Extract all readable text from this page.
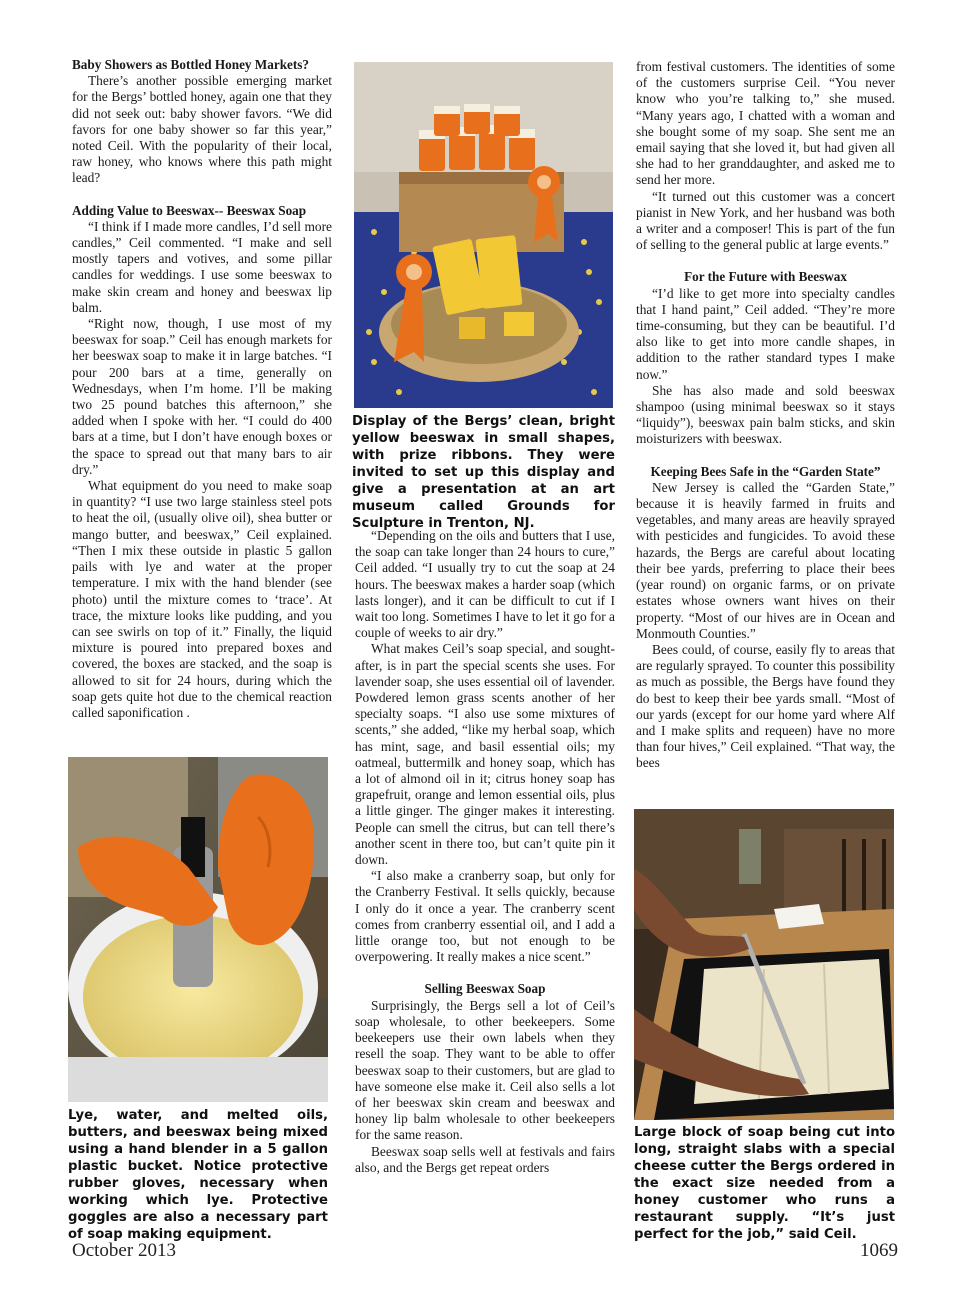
Baby Showers as Bottled Honey Markets?

There’s another possible emerging market for the Bergs’ bottled honey, again one that they did not seek out: baby shower favors. “We did favors for one baby shower so far this year,” noted Ceil. With the popularity of their local, raw honey, who knows where this path might lead?

Adding Value to Beeswax-- Beeswax Soap

“I think if I made more candles, I’d sell more candles,” Ceil commented. “I make and sell mostly tapers and votives, and some pillar candles for weddings. I use some beeswax to make skin cream and honey and beeswax lip balm.

“Right now, though, I use most of my beeswax for soap.” Ceil has enough markets for her beeswax soap to make it in large batches. “I pour 200 bars at a time, generally on Wednesdays, when I’m home. I’ll be making two 25 pound batches this afternoon,” she added when I spoke with her. “I could do 400 bars at a time, but I don’t have enough boxes or the space to spread out that many bars to air dry.”

What equipment do you need to make soap in quantity? “I use two large stainless steel pots to heat the oil, (usually olive oil), shea butter or mango butter, and beeswax,” Ceil explained. “Then I mix these outside in plastic 5 gallon pails with lye and water at the proper temperature. I mix with the hand blender (see photo) until the mixture comes to ‘trace’. At trace, the mixture looks like pudding, and you can see swirls on top of it.” Finally, the liquid mixture is poured into prepared boxes and covered, the boxes are stacked, and the soap is allowed to sit for 24 hours, during which the soap gets quite hot due to the chemical reaction called saponification .

Lye, water, and melted oils, butters, and beeswax being mixed using a hand blender in a 5 gallon plastic bucket. Notice protective rubber gloves, necessary when working which lye. Protective goggles are also a necessary part of soap making equipment.
Display of the Bergs’ clean, bright yellow beeswax in small shapes, with prize ribbons. They were invited to set up this display and give a presentation at an art museum called Grounds for Sculpture in Trenton, NJ.

“Depending on the oils and butters that I use, the soap can take longer than 24 hours to cure,” Ceil added. “I usually try to cut the soap at 24 hours. The beeswax makes a harder soap (which lasts longer), and it can be difficult to cut if I wait too long. Sometimes I have to let it go for a couple of weeks to air dry.”

What makes Ceil’s soap special, and sought-after, is in part the special scents she uses. For lavender soap, she uses essential oil of lavender. Powdered lemon grass scents another of her specialty soaps. “I also use some mixtures of scents,” she added, “like my herbal soap, which has mint, sage, and basil essential oils; my oatmeal, buttermilk and honey soap, which has a lot of almond oil in it; citrus honey soap has grapefruit, orange and lemon essential oils, plus a little ginger. The ginger makes it interesting. People can smell the citrus, but can tell there’s another scent in there too, but can’t quite pin it down.

“I also make a cranberry soap, but only for the Cranberry Festival. It sells quickly, because I only do it once a year. The cranberry scent comes from cranberry essential oil, and I add a little orange too, but not enough to be overpowering. It really makes a nice scent.”

Selling Beeswax Soap

Surprisingly, the Bergs sell a lot of Ceil’s soap wholesale, to other beekeepers. Some beekeepers use their own labels when they resell the soap. They want to be able to offer beeswax soap to their customers, but are glad to have someone else make it. Ceil also sells a lot of her beeswax skin cream and beeswax and honey lip balm wholesale to other beekeepers for the same reason.

Beeswax soap sells well at festivals and fairs also, and the Bergs get repeat orders

from festival customers. The identities of some of the customers surprise Ceil. “You never know who you’re talking to,” she mused. “Many years ago, I chatted with a woman and she bought some of my soap. She sent me an email saying that she loved it, but had given all she had to her granddaughter, and asked me to send her more.

“It turned out this customer was a concert pianist in New York, and her husband was both a writer and a composer! This is part of the fun of selling to the general public at large events.”

For the Future with Beeswax

“I’d like to get more into specialty candles that I hand paint,” Ceil added. “They’re more time-consuming, but they can be beautiful. I’d also like to get into more candle shapes, in addition to the rather standard types I make now.”

She has also made and sold beeswax shampoo (using minimal beeswax so it stays “liquidy”), beeswax pain balm sticks, and skin moisturizers with beeswax.

Keeping Bees Safe in the “Garden State”

New Jersey is called the “Garden State,” because it is heavily farmed in fruits and vegetables, and many areas are heavily sprayed with pesticides and fungicides. To avoid these hazards, the Bergs are careful about locating their bee yards, preferring to place their bees (year round) on organic farms, or on private estates whose owners want hives on their property. “Most of our hives are in Ocean and Monmouth Counties.”

Bees could, of course, easily fly to areas that are regularly sprayed. To counter this possibility as much as possible, the Bergs have found they do best to keep their bee yards small. “Most of our yards (except for our home yard where Alf and I make splits and requeen) have no more than four hives,” Ceil explained. “That way, the bees

Large block of soap being cut into long, straight slabs with a special cheese cutter the Bergs ordered in the exact size needed from a honey customer who runs a restaurant supply. “It’s just perfect for the job,” said Ceil.
October 2013	1069
